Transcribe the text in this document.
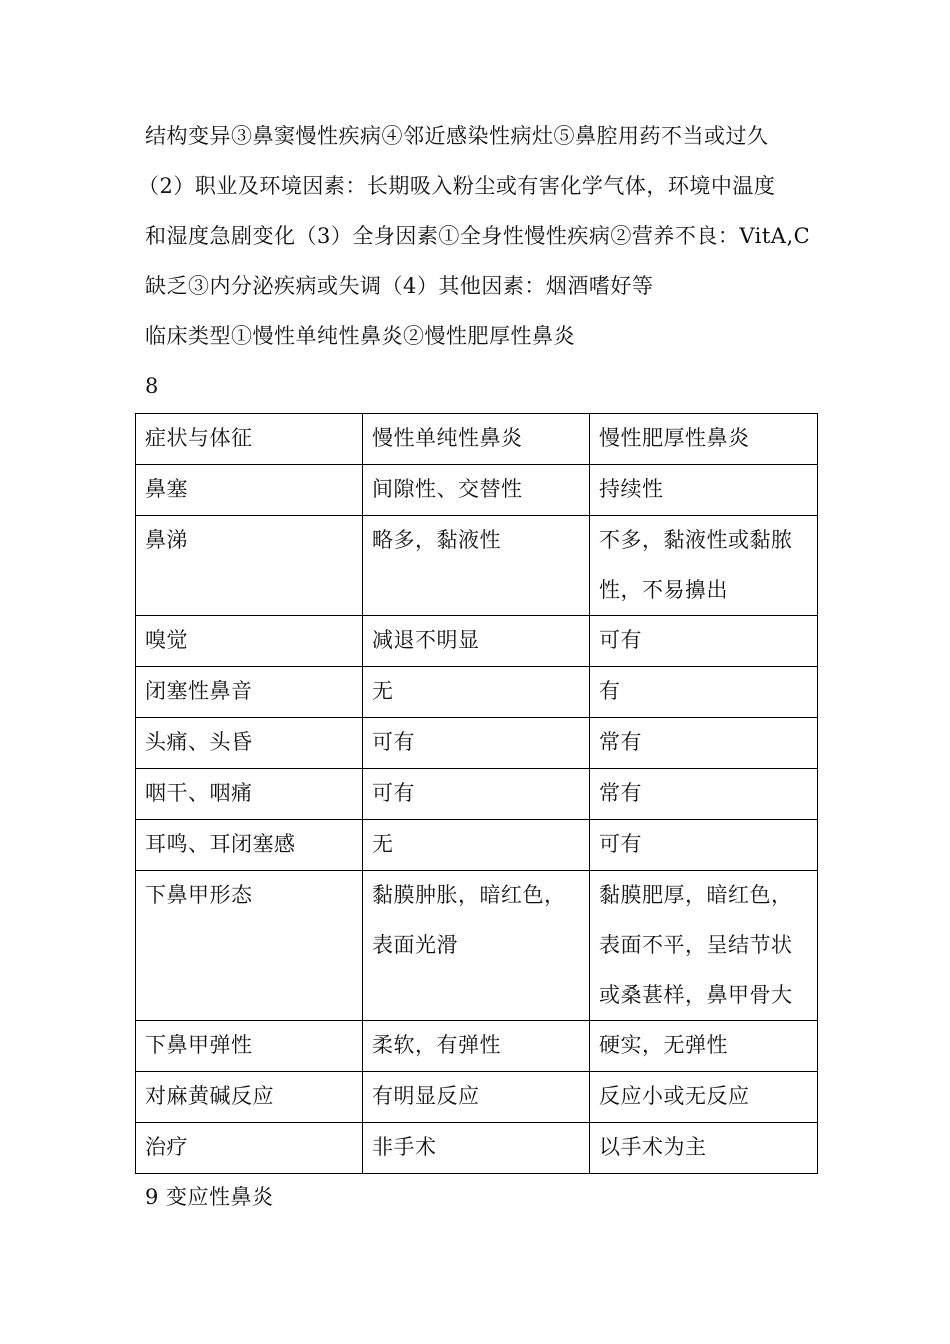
结构变异③鼻窦慢性疾病④邻近感染性病灶⑤鼻腔用药不当或过久
（2）职业及环境因素：长期吸入粉尘或有害化学气体，环境中温度
和湿度急剧变化（3）全身因素①全身性慢性疾病②营养不良：VitA,C
缺乏③内分泌疾病或失调（4）其他因素：烟酒嗜好等
临床类型①慢性单纯性鼻炎②慢性肥厚性鼻炎
8
症状与体征	慢性单纯性鼻炎	慢性肥厚性鼻炎

鼻塞	间隙性、交替性	持续性

鼻涕	略多，黏液性	不多，黏液性或黏脓性，不易擤出

嗅觉	减退不明显	可有

闭塞性鼻音	无	有

头痛、头昏	可有	常有

咽干、咽痛	可有	常有

耳鸣、耳闭塞感	无	可有

下鼻甲形态	黏膜肿胀，暗红色，表面光滑	黏膜肥厚，暗红色，表面不平，呈结节状或桑葚样，鼻甲骨大

下鼻甲弹性	柔软，有弹性	硬实，无弹性

对麻黄碱反应	有明显反应	反应小或无反应

治疗	非手术	以手术为主
9 变应性鼻炎
